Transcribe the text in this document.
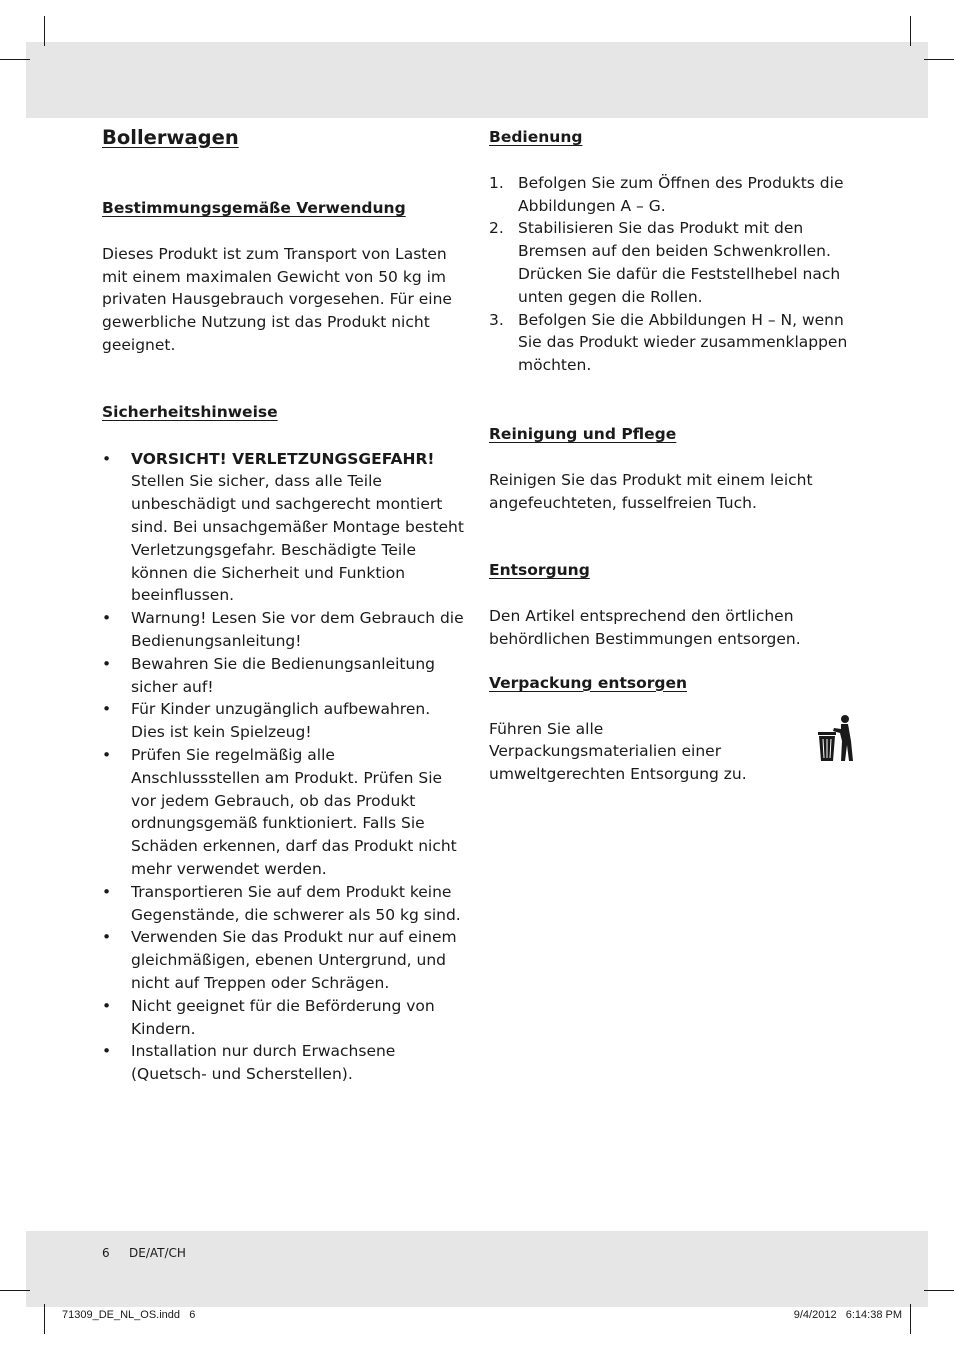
Bollerwagen
Bestimmungsgemäße Verwendung

Dieses Produkt ist zum Transport von Lasten mit einem maximalen Gewicht von 50 kg im privaten Hausgebrauch vorgesehen. Für eine gewerbliche Nutzung ist das Produkt nicht geeignet.

Sicherheitshinweise
•	VORSICHT! VERLETZUNGSGEFAHR!
Stellen Sie sicher, dass alle Teile unbeschädigt und sachgerecht montiert sind. Bei unsachgemäßer Montage besteht Verletzungsgefahr. Beschädigte Teile können die Sicherheit und Funktion beeinflussen.
•	Warnung! Lesen Sie vor dem Gebrauch die Bedienungsanleitung!
•	Bewahren Sie die Bedienungsanleitung sicher auf!
•	Für Kinder unzugänglich aufbewahren. Dies ist kein Spielzeug!
•	Prüfen Sie regelmäßig alle Anschlussstellen am Produkt. Prüfen Sie vor jedem Gebrauch, ob das Produkt ordnungsgemäß funktioniert. Falls Sie Schäden erkennen, darf das Produkt nicht mehr verwendet werden.
•	Transportieren Sie auf dem Produkt keine Gegenstände, die schwerer als 50 kg sind.
•	Verwenden Sie das Produkt nur auf einem gleichmäßigen, ebenen Untergrund, und nicht auf Treppen oder Schrägen.
•	Nicht geeignet für die Beförderung von Kindern.
•	Installation nur durch Erwachsene (Quetsch- und Scherstellen).
Bedienung
1. Befolgen Sie zum Öffnen des Produkts die Abbildungen A – G.
2. Stabilisieren Sie das Produkt mit den Bremsen auf den beiden Schwenkrollen. Drücken Sie dafür die Feststellhebel nach unten gegen die Rollen.
3. Befolgen Sie die Abbildungen H – N, wenn Sie das Produkt wieder zusammenklappen möchten.
Reinigung und Pflege

Reinigen Sie das Produkt mit einem leicht angefeuchteten, fusselfreien Tuch.

Entsorgung

Den Artikel entsprechend den örtlichen behördlichen Bestimmungen entsorgen.

Verpackung entsorgen

Führen Sie alle Verpackungsmaterialien einer umweltgerechten Entsorgung zu.

6 DE/AT/CH
71309_DE_NL_OS.indd   6	9/4/2012   6:14:38 PM
